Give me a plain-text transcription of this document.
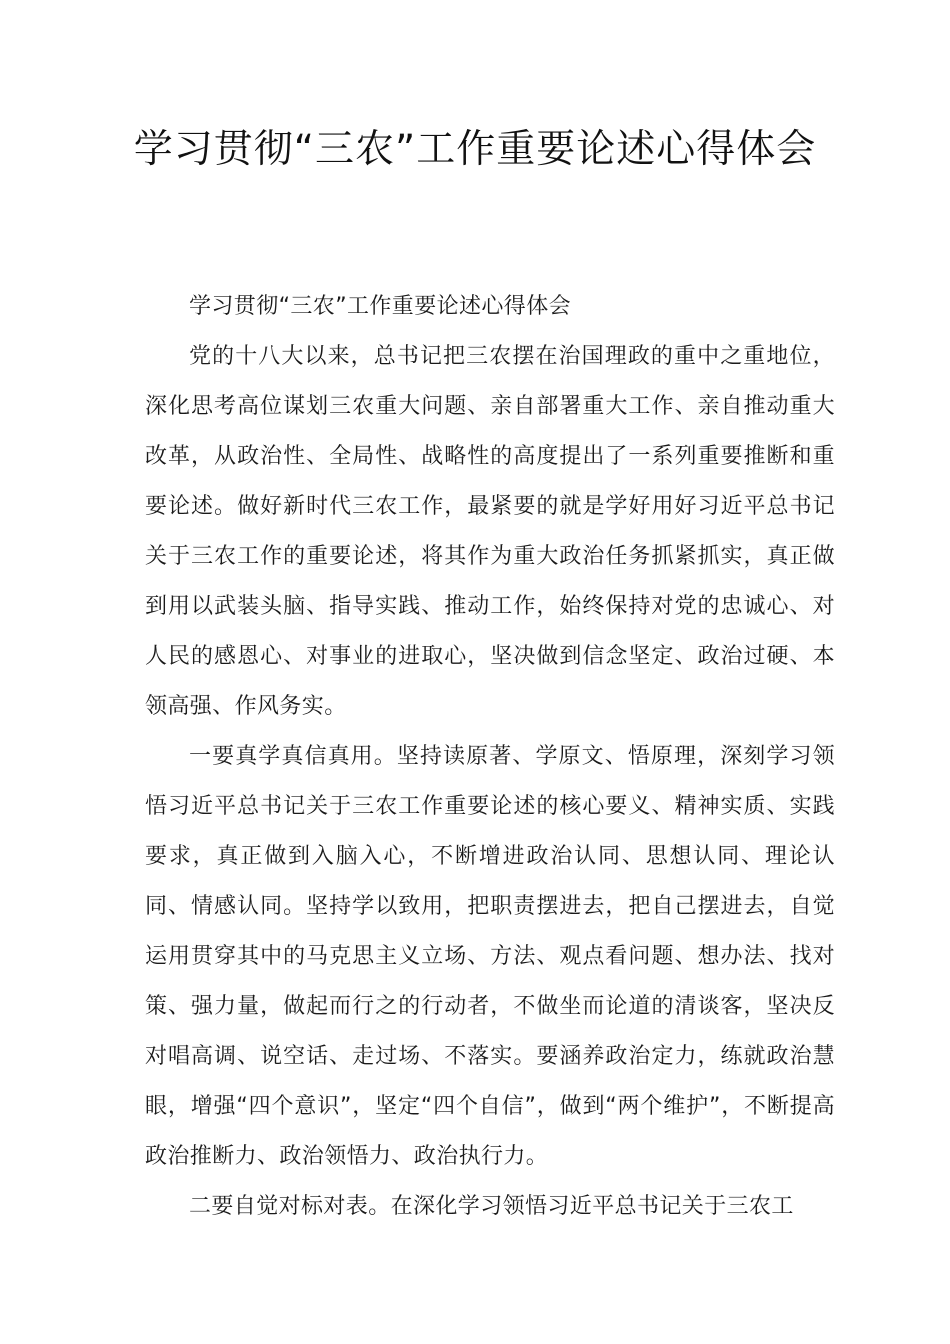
学习贯彻“三农”工作重要论述心得体会

学习贯彻“三农”工作重要论述心得体会

党的十八大以来，总书记把三农摆在治国理政的重中之重地位，深化思考高位谋划三农重大问题、亲自部署重大工作、亲自推动重大改革，从政治性、全局性、战略性的高度提出了一系列重要推断和重要论述。做好新时代三农工作，最紧要的就是学好用好习近平总书记关于三农工作的重要论述，将其作为重大政治任务抓紧抓实，真正做到用以武装头脑、指导实践、推动工作，始终保持对党的忠诚心、对人民的感恩心、对事业的进取心，坚决做到信念坚定、政治过硬、本领高强、作风务实。

一要真学真信真用。坚持读原著、学原文、悟原理，深刻学习领悟习近平总书记关于三农工作重要论述的核心要义、精神实质、实践要求，真正做到入脑入心，不断增进政治认同、思想认同、理论认同、情感认同。坚持学以致用，把职责摆进去，把自己摆进去，自觉运用贯穿其中的马克思主义立场、方法、观点看问题、想办法、找对策、强力量，做起而行之的行动者，不做坐而论道的清谈客，坚决反对唱高调、说空话、走过场、不落实。要涵养政治定力，练就政治慧眼，增强“四个意识”，坚定“四个自信”，做到“两个维护”，不断提高政治推断力、政治领悟力、政治执行力。

二要自觉对标对表。在深化学习领悟习近平总书记关于三农工
